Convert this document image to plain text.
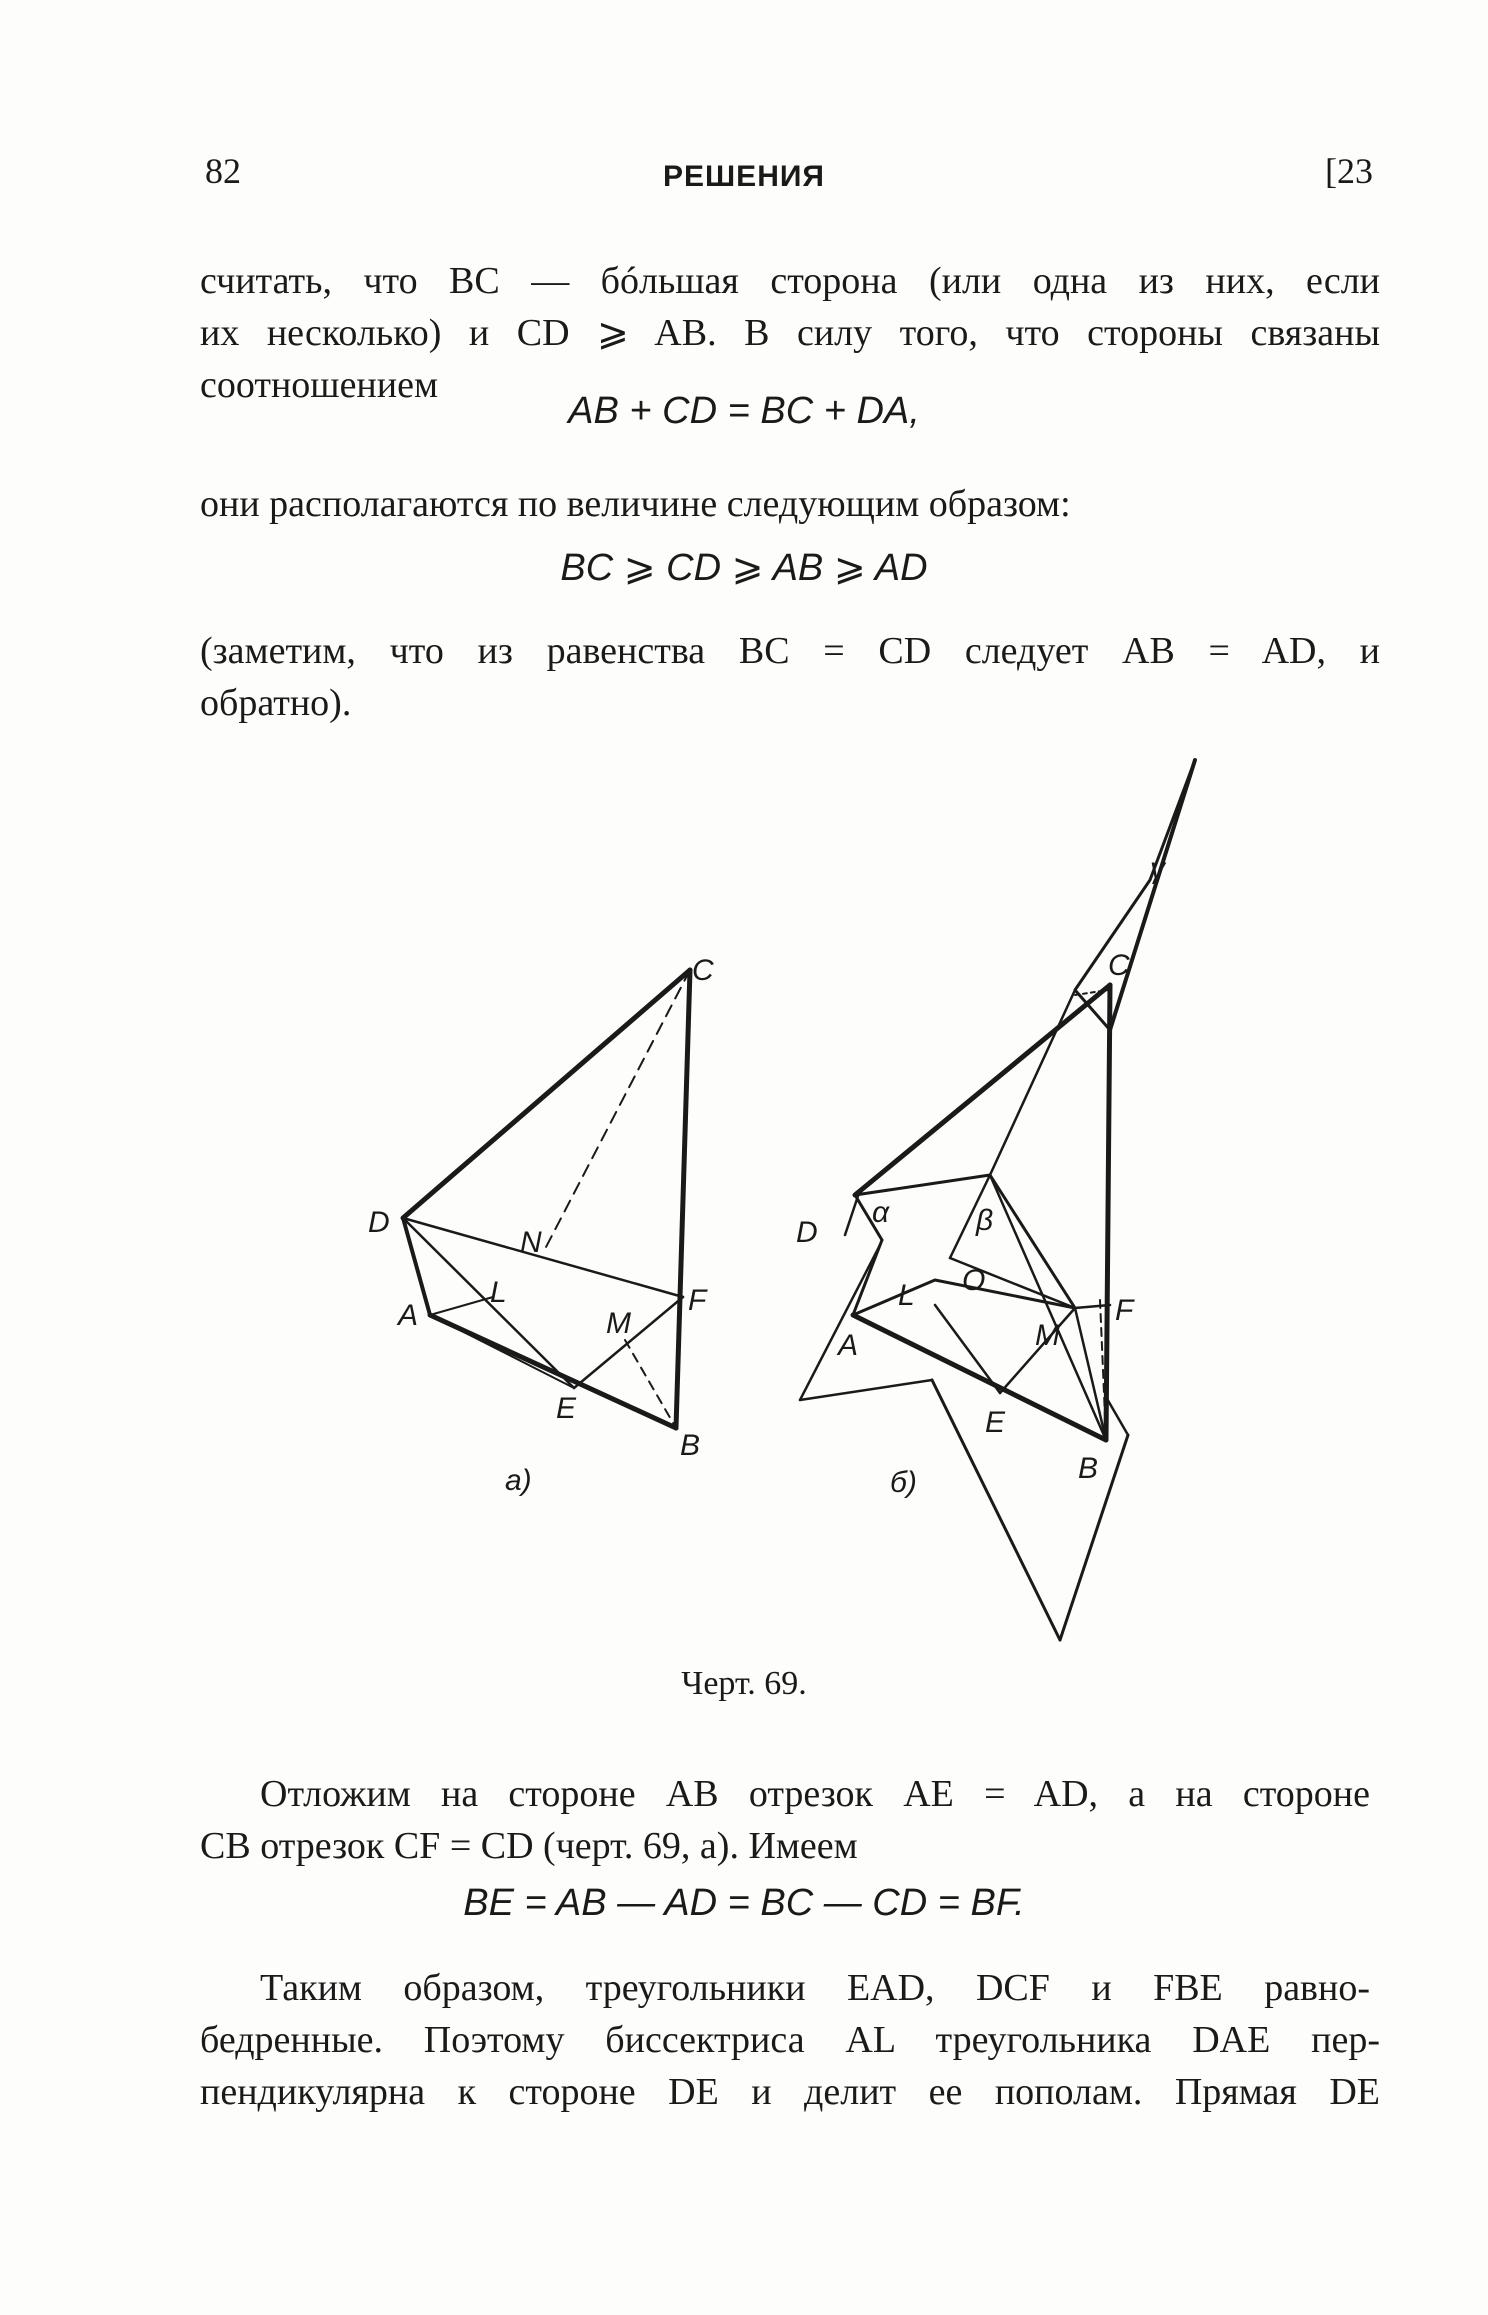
82	РЕШЕНИЯ	[23

считать, что BC — бóльшая сторона (или одна из них, если

их несколько) и CD ⩾ AB. В силу того, что стороны связаны

соотношением

AB + CD = BC + DA,

они располагаются по величине следующим образом:

BC ⩾ CD ⩾ AB ⩾ AD

(заметим, что из равенства BC = CD следует AB = AD, и

обратно).

C
D
N
L
A	M
F
E
B
a)
γ
C
D
α	β
L O
A	M
F
E
B
б)
Черт. 69.

Отложим на стороне AB отрезок AE = AD, а на стороне

CB отрезок CF = CD (черт. 69, a). Имеем

BE = AB — AD = BC — CD = BF.

Таким образом, треугольники EAD, DCF и FBE равно-

бедренные. Поэтому биссектриса AL треугольника DAE пер-

пендикулярна к стороне DE и делит ее пополам. Прямая DE
